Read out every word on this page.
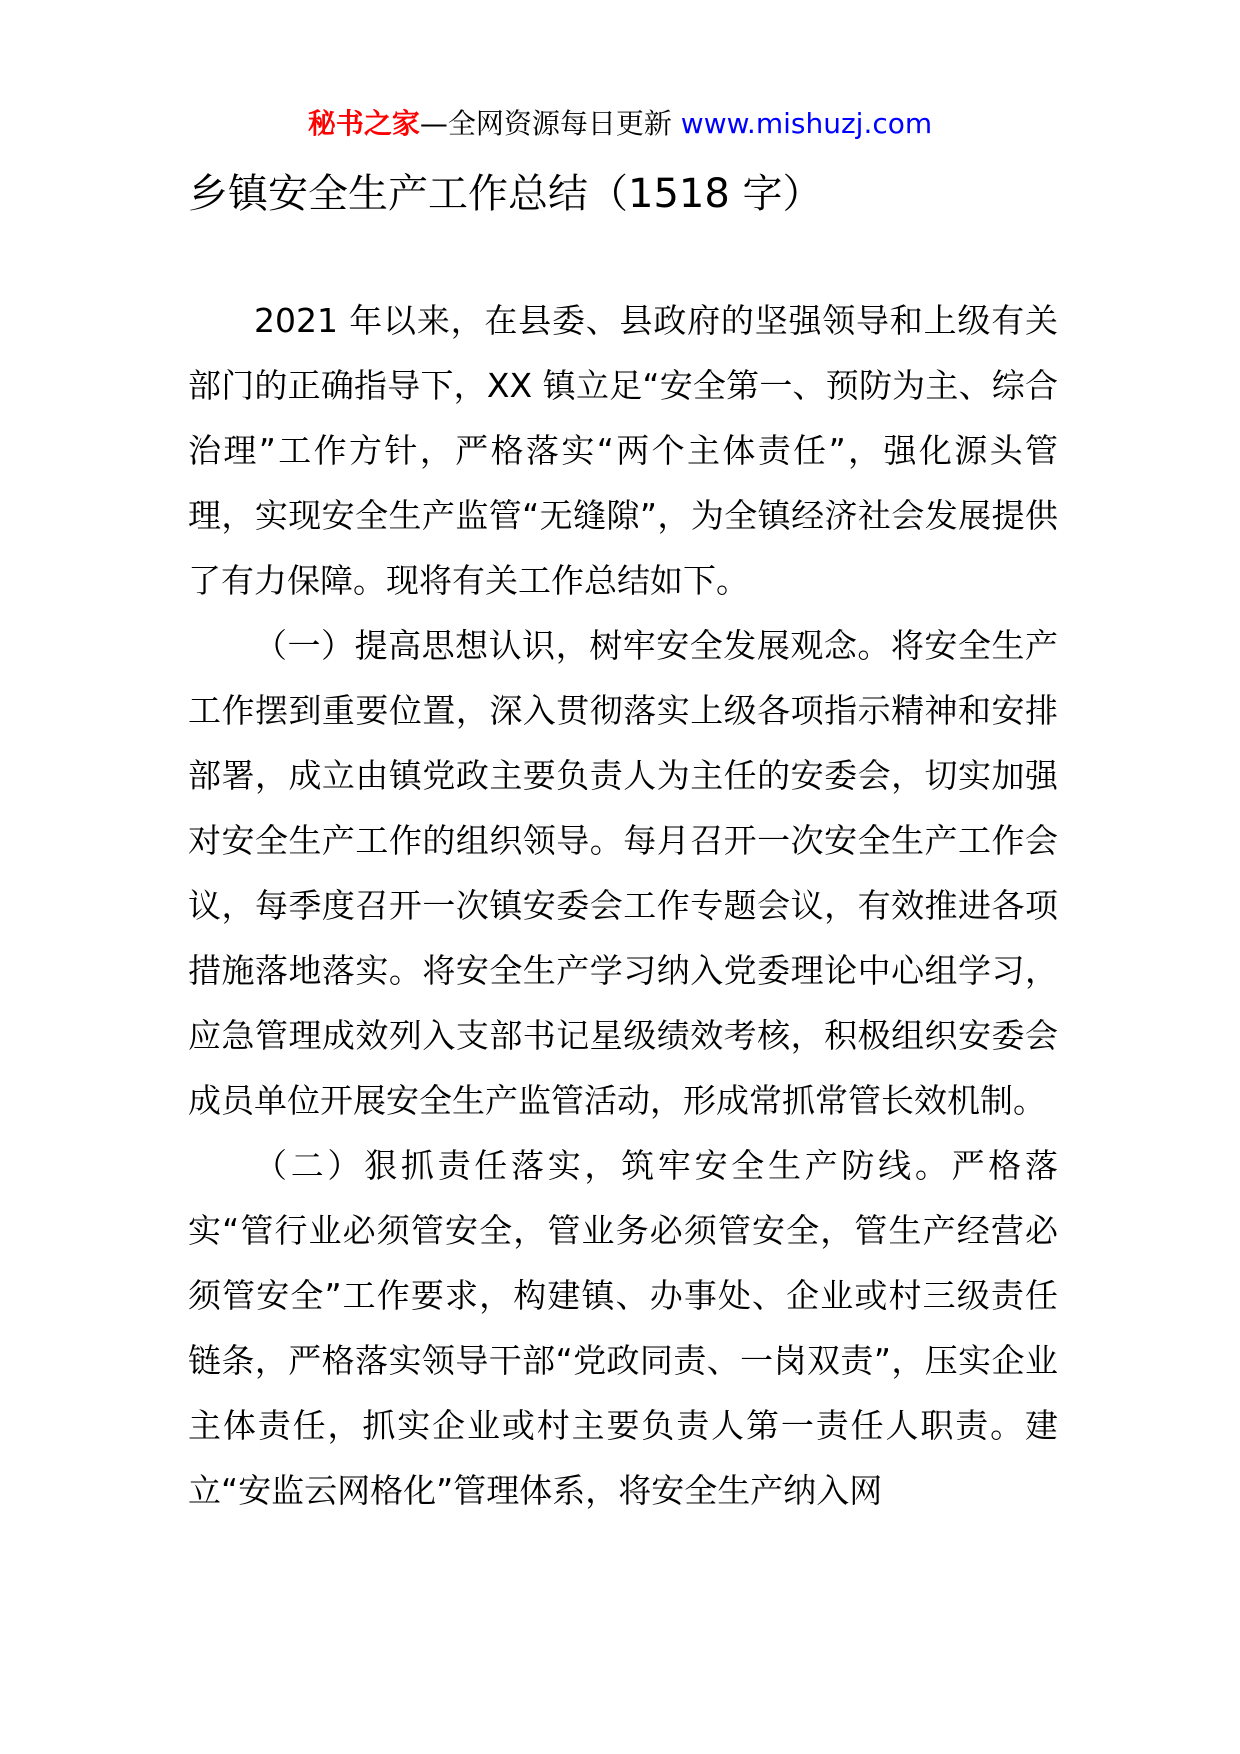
秘书之家—全网资源每日更新 www.mishuzj.com
乡镇安全生产工作总结（1518 字）

2021 年以来，在县委、县政府的坚强领导和上级有关部门的正确指导下，XX 镇立足“安全第一、预防为主、综合治理”工作方针，严格落实“两个主体责任”，强化源头管理，实现安全生产监管“无缝隙”，为全镇经济社会发展提供了有力保障。现将有关工作总结如下。

（一）提高思想认识，树牢安全发展观念。将安全生产工作摆到重要位置，深入贯彻落实上级各项指示精神和安排部署，成立由镇党政主要负责人为主任的安委会，切实加强对安全生产工作的组织领导。每月召开一次安全生产工作会议，每季度召开一次镇安委会工作专题会议，有效推进各项措施落地落实。将安全生产学习纳入党委理论中心组学习，应急管理成效列入支部书记星级绩效考核，积极组织安委会成员单位开展安全生产监管活动，形成常抓常管长效机制。

（二）狠抓责任落实，筑牢安全生产防线。严格落实“管行业必须管安全，管业务必须管安全，管生产经营必须管安全”工作要求，构建镇、办事处、企业或村三级责任链条，严格落实领导干部“党政同责、一岗双责”，压实企业主体责任，抓实企业或村主要负责人第一责任人职责。建立“安监云网格化”管理体系，将安全生产纳入网
